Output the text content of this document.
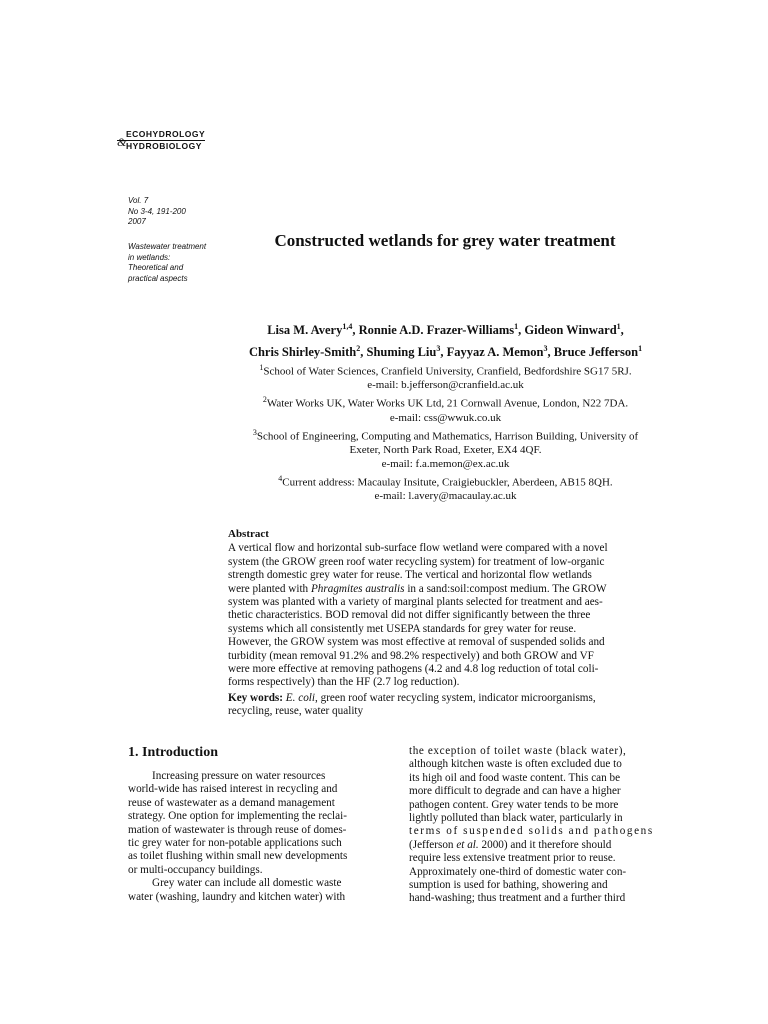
&
ECOHYDROLOGY
HYDROBIOLOGY
Vol. 7
No 3-4, 191-200
2007
Wastewater treatment
in wetlands:
Theoretical and
practical aspects
Constructed wetlands for grey water treatment
Lisa M. Avery$^{1,4}$, Ronnie A.D. Frazer-Williams$^1$, Gideon Winward$^1$,
Chris Shirley-Smith$^2$, Shuming Liu$^3$, Fayyaz A. Memon$^3$, Bruce Jefferson$^1$
$^1$School of Water Sciences, Cranfield University, Cranfield, Bedfordshire SG17 5RJ.
e-mail: b.jefferson@cranfield.ac.uk
$^2$Water Works UK, Water Works UK Ltd, 21 Cornwall Avenue, London, N22 7DA.
e-mail: css@wwuk.co.uk
$^3$School of Engineering, Computing and Mathematics, Harrison Building, University of
Exeter, North Park Road, Exeter, EX4 4QF.
e-mail: f.a.memon@ex.ac.uk
$^4$Current address: Macaulay Insitute, Craigiebuckler, Aberdeen, AB15 8QH.
e-mail: l.avery@macaulay.ac.uk
Abstract
A vertical flow and horizontal sub-surface flow wetland were compared with a novel
system (the GROW green roof water recycling system) for treatment of low-organic
strength domestic grey water for reuse. The vertical and horizontal flow wetlands
were planted with Phragmites australis in a sand:soil:compost medium. The GROW
system was planted with a variety of marginal plants selected for treatment and aes-
thetic characteristics. BOD removal did not differ significantly between the three
systems which all consistently met USEPA standards for grey water for reuse.
However, the GROW system was most effective at removal of suspended solids and
turbidity (mean removal 91.2% and 98.2% respectively) and both GROW and VF
were more effective at removing pathogens (4.2 and 4.8 log reduction of total coli-
forms respectively) than the HF (2.7 log reduction).
Key words: E. coli, green roof water recycling system, indicator microorganisms,
recycling, reuse, water quality
1. Introduction
Increasing pressure on water resources
world-wide has raised interest in recycling and
reuse of wastewater as a demand management
strategy. One option for implementing the reclai-
mation of wastewater is through reuse of domes-
tic grey water for non-potable applications such
as toilet flushing within small new developments
or multi-occupancy buildings.
Grey water can include all domestic waste
water (washing, laundry and kitchen water) with
the exception of toilet waste (black water),
although kitchen waste is often excluded due to
its high oil and food waste content. This can be
more difficult to degrade and can have a higher
pathogen content. Grey water tends to be more
lightly polluted than black water, particularly in
terms of suspended solids and pathogens
(Jefferson et al. 2000) and it therefore should
require less extensive treatment prior to reuse.
Approximately one-third of domestic water con-
sumption is used for bathing, showering and
hand-washing; thus treatment and a further third
